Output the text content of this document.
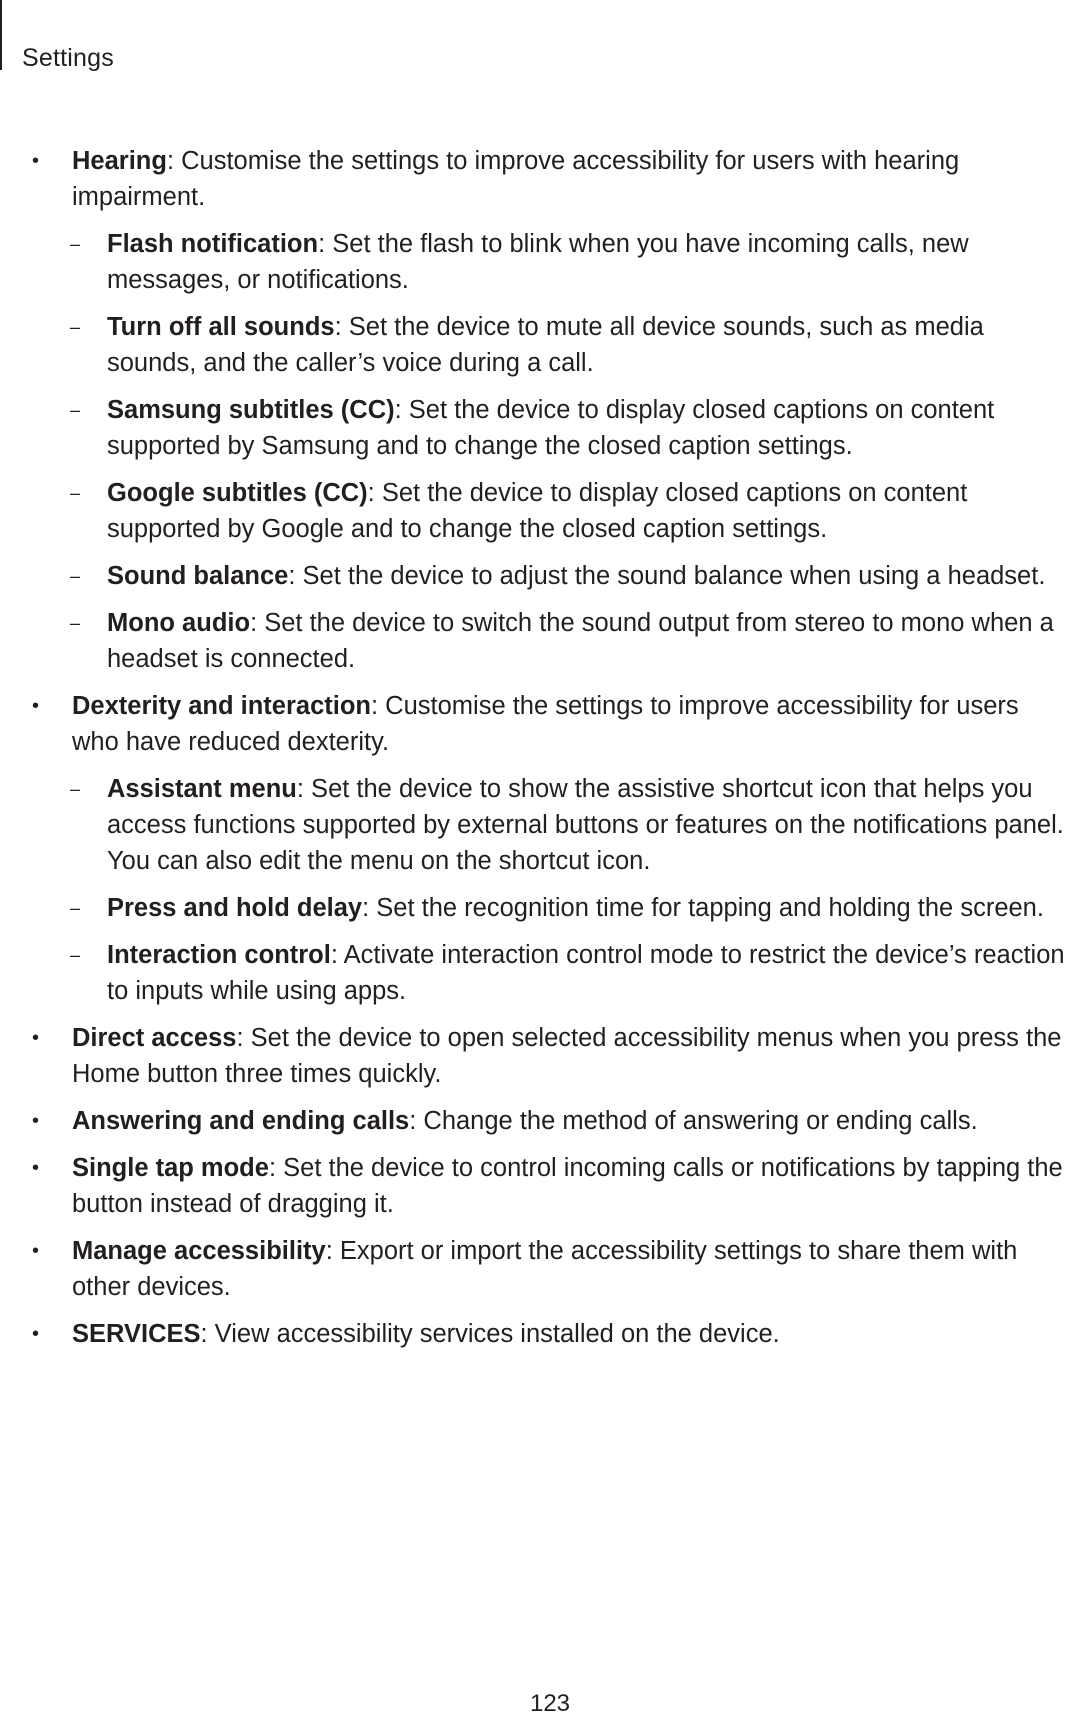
Settings
•	Hearing: Customise the settings to improve accessibility for users with hearing impairment.
–	Flash notification: Set the flash to blink when you have incoming calls, new messages, or notifications.
–	Turn off all sounds: Set the device to mute all device sounds, such as media sounds, and the caller’s voice during a call.
–	Samsung subtitles (CC): Set the device to display closed captions on content supported by Samsung and to change the closed caption settings.
–	Google subtitles (CC): Set the device to display closed captions on content supported by Google and to change the closed caption settings.
–	Sound balance: Set the device to adjust the sound balance when using a headset.
–	Mono audio: Set the device to switch the sound output from stereo to mono when a headset is connected.
•	Dexterity and interaction: Customise the settings to improve accessibility for users who have reduced dexterity.
–	Assistant menu: Set the device to show the assistive shortcut icon that helps you access functions supported by external buttons or features on the notifications panel. You can also edit the menu on the shortcut icon.
–	Press and hold delay: Set the recognition time for tapping and holding the screen.
–	Interaction control: Activate interaction control mode to restrict the device’s reaction to inputs while using apps.
•	Direct access: Set the device to open selected accessibility menus when you press the Home button three times quickly.
•	Answering and ending calls: Change the method of answering or ending calls.
•	Single tap mode: Set the device to control incoming calls or notifications by tapping the button instead of dragging it.
•	Manage accessibility: Export or import the accessibility settings to share them with other devices.
•	SERVICES: View accessibility services installed on the device.
123
